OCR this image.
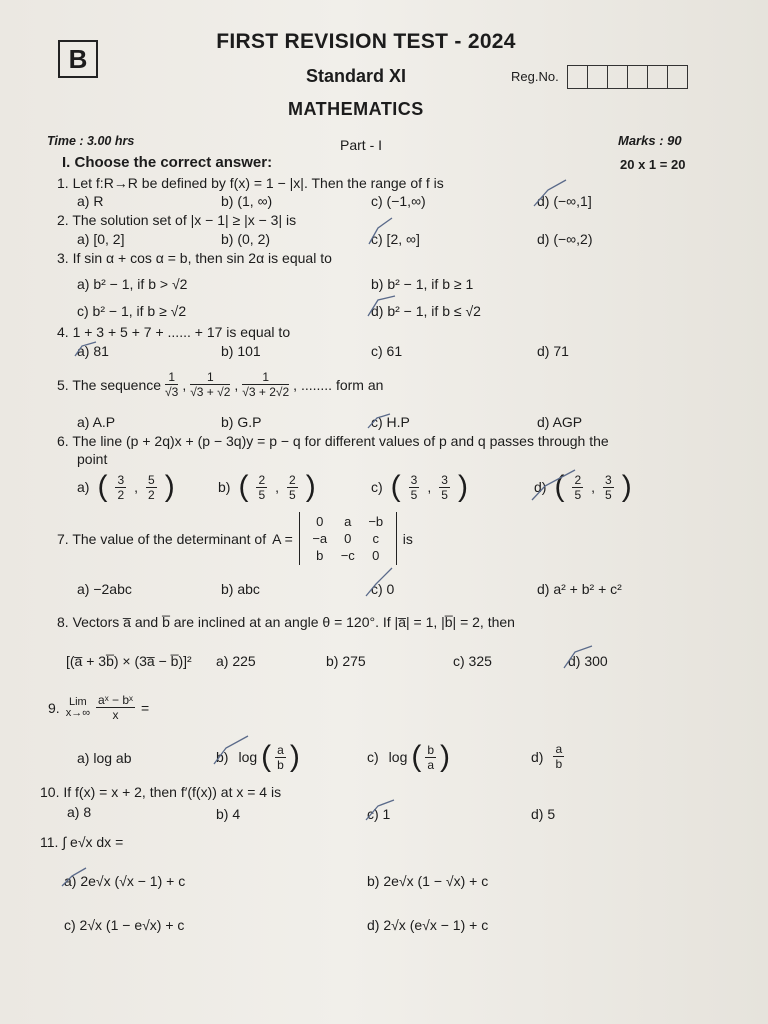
B
FIRST REVISION TEST - 2024
Standard XI
MATHEMATICS
Reg.No.
Time : 3.00 hrs	Part - I	Marks : 90
I. Choose the correct answer:	20 x 1 = 20
1. Let f:R→R be defined by f(x) = 1 − |x|. Then the range of f is
a) R	b) (1, ∞)	c) (−1,∞)	d) (−∞,1]
2. The solution set of |x − 1| ≥ |x − 3| is
a) [0, 2]	b) (0, 2)	c) [2, ∞]	d) (−∞,2)
3. If sin α + cos α = b, then sin 2α is equal to
a) b² − 1, if b > √2	b) b² − 1, if b ≥ 1
c) b² − 1, if b ≥ √2	d) b² − 1, if b ≤ √2
4. 1 + 3 + 5 + 7 + ...... + 17 is equal to
a) 81	b) 101	c) 61	d) 71
5. The sequence $\frac{1}{√3}$ , $\frac{1}{√3 + √2}$ , $\frac{1}{√3 + 2√2}$ , ........ form an
a) A.P	b) G.P	c) H.P	d) AGP
6. The line (p + 2q)x + (p − 3q)y = p − q for different values of p and q passes through the
point
a) ( $\frac{3}{2}$ , $\frac{5}{2}$ )	b) ( $\frac{2}{5}$ , $\frac{2}{5}$ )	c) ( $\frac{3}{5}$ , $\frac{3}{5}$ )	d) ( $\frac{2}{5}$ , $\frac{3}{5}$ )
7. The value of the determinant of A =
0	a	−b
−a	0	c
b	−c	0
is
a) −2abc	b) abc	c) 0	d) a² + b² + c²
8. Vectors a̅ and b̅ are inclined at an angle θ = 120°. If |a̅| = 1, |b̅| = 2, then
[(a̅ + 3b̅) × (3a̅ − b̅)]² a) 225	b) 275	c) 325	d) 300
9. Lim
$x\to\infty \frac{\text{aˣ − bˣ}}{x}$ =
a) log ab	b) log ( $\frac{a}{b}$ )	c) log ( $\frac{b}{a}$ )	$d) \frac{a}{b}$
10. If f(x) = x + 2, then f′(f(x)) at x = 4 is
a) 8	b) 4	c) 1	d) 5
11. ∫ e√x dx =
a) 2e√x (√x − 1) + c	b) 2e√x (1 − √x) + c
c) 2√x (1 − e√x) + c	d) 2√x (e√x − 1) + c
